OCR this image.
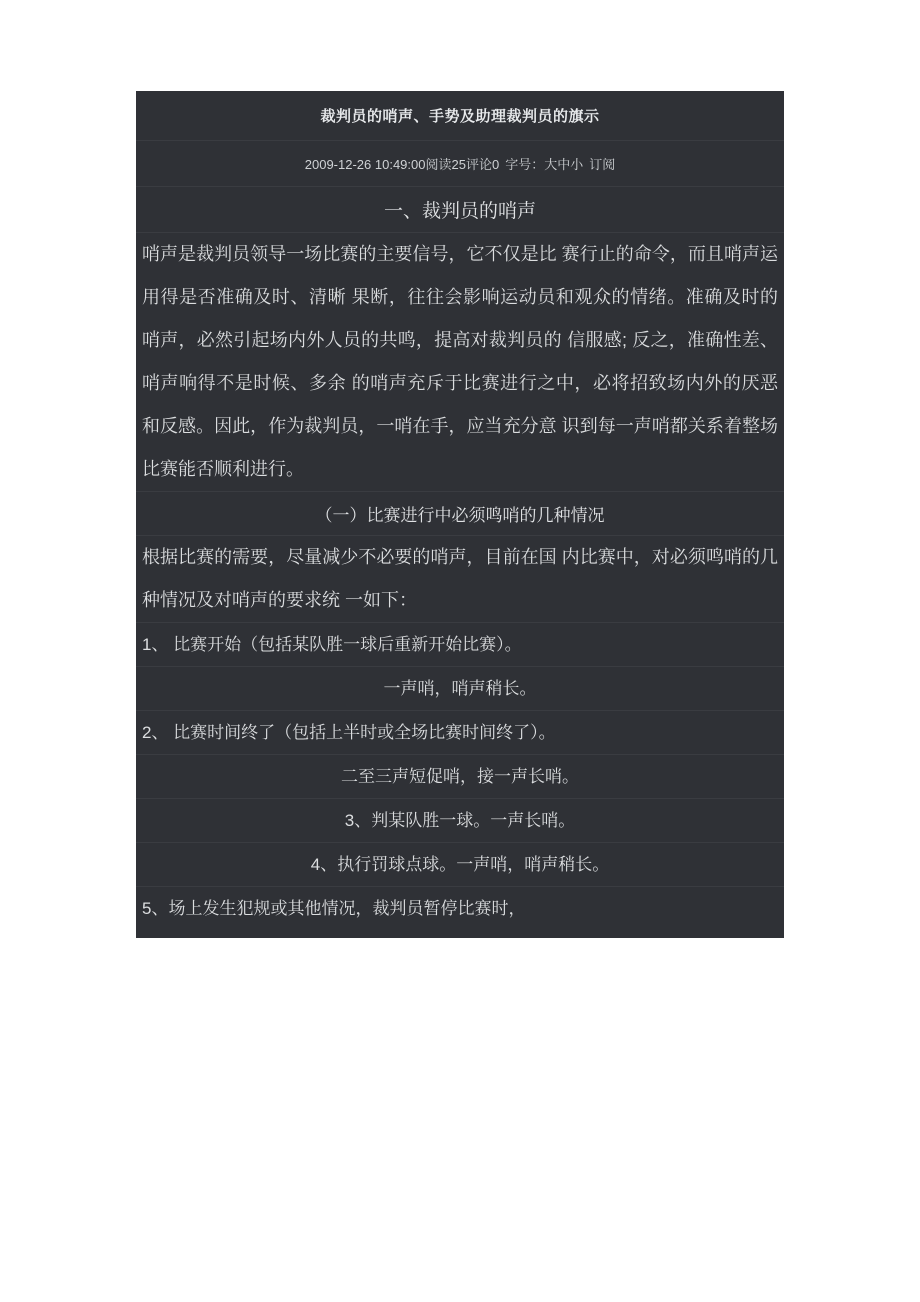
裁判员的哨声、手势及助理裁判员的旗示
2009-12-26 10:49:00阅读25评论0 字号：大中小 订阅
一、裁判员的哨声
哨声是裁判员领导一场比赛的主要信号，它不仅是比 赛行止的命令，而且哨声运用得是否准确及时、清晰 果断，往往会影响运动员和观众的情绪。准确及时的 哨声，必然引起场内外人员的共鸣，提高对裁判员的 信服感; 反之，准确性差、哨声响得不是时候、多余 的哨声充斥于比赛进行之中，必将招致场内外的厌恶 和反感。因此，作为裁判员，一哨在手，应当充分意 识到每一声哨都关系着整场比赛能否顺利进行。
（一）比赛进行中必须鸣哨的几种情况
根据比赛的需要，尽量减少不必要的哨声，目前在国 内比赛中，对必须鸣哨的几种情况及对哨声的要求统 一如下：
1、 比赛开始（包括某队胜一球后重新开始比赛）。
一声哨，哨声稍长。
2、 比赛时间终了（包括上半时或全场比赛时间终了）。
二至三声短促哨，接一声长哨。
3、判某队胜一球。一声长哨。
4、执行罚球点球。一声哨，哨声稍长。
5、场上发生犯规或其他情况，裁判员暂停比赛时，
